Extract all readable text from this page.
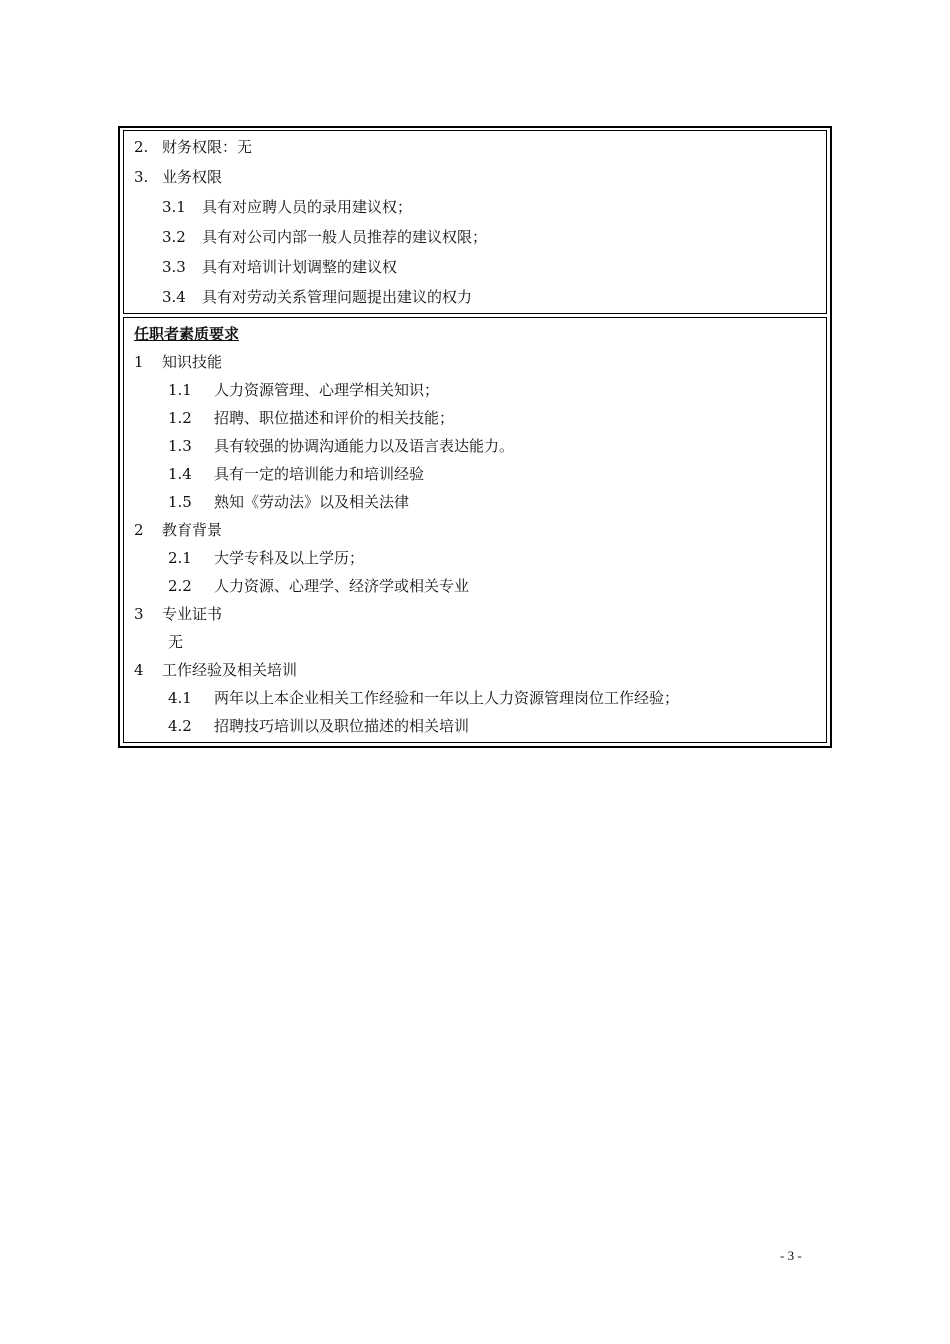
2. 财务权限：无
3. 业务权限
3.1 具有对应聘人员的录用建议权；
3.2 具有对公司内部一般人员推荐的建议权限；
3.3 具有对培训计划调整的建议权
3.4 具有对劳动关系管理问题提出建议的权力
任职者素质要求
1 知识技能
1.1 人力资源管理、心理学相关知识；
1.2 招聘、职位描述和评价的相关技能；
1.3 具有较强的协调沟通能力以及语言表达能力。
1.4 具有一定的培训能力和培训经验
1.5 熟知《劳动法》以及相关法律
2 教育背景
2.1 大学专科及以上学历；
2.2 人力资源、心理学、经济学或相关专业
3 专业证书
无
4 工作经验及相关培训
4.1 两年以上本企业相关工作经验和一年以上人力资源管理岗位工作经验；
4.2 招聘技巧培训以及职位描述的相关培训
- 3 -
